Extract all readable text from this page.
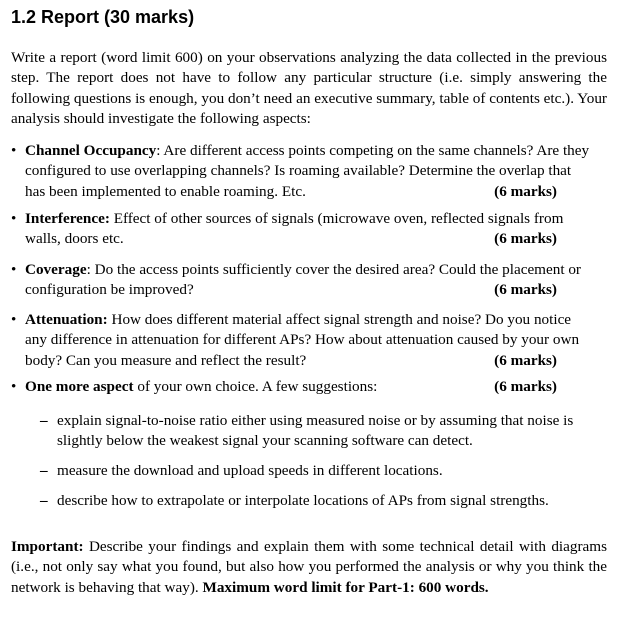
1.2 Report (30 marks)
Write a report (word limit 600) on your observations analyzing the data collected in the previous step. The report does not have to follow any particular structure (i.e. simply answering the following questions is enough, you don’t need an executive summary, table of contents etc.). Your analysis should investigate the following aspects:
• Channel Occupancy: Are different access points competing on the same channels? Are they configured to use overlapping channels? Is roaming available? Determine the overlap that has been implemented to enable roaming. Etc.	(6 marks)
• Interference: Effect of other sources of signals (microwave oven, reflected signals from walls, doors etc.	(6 marks)
• Coverage: Do the access points sufficiently cover the desired area? Could the placement or configuration be improved?	(6 marks)
• Attenuation: How does different material affect signal strength and noise? Do you notice any difference in attenuation for different APs? How about attenuation caused by your own body? Can you measure and reflect the result?	(6 marks)
• One more aspect of your own choice. A few suggestions:	(6 marks)
– explain signal-to-noise ratio either using measured noise or by assuming that noise is slightly below the weakest signal your scanning software can detect.
– measure the download and upload speeds in different locations.
– describe how to extrapolate or interpolate locations of APs from signal strengths.
Important: Describe your findings and explain them with some technical detail with diagrams (i.e., not only say what you found, but also how you performed the analysis or why you think the network is behaving that way). Maximum word limit for Part-1: 600 words.
